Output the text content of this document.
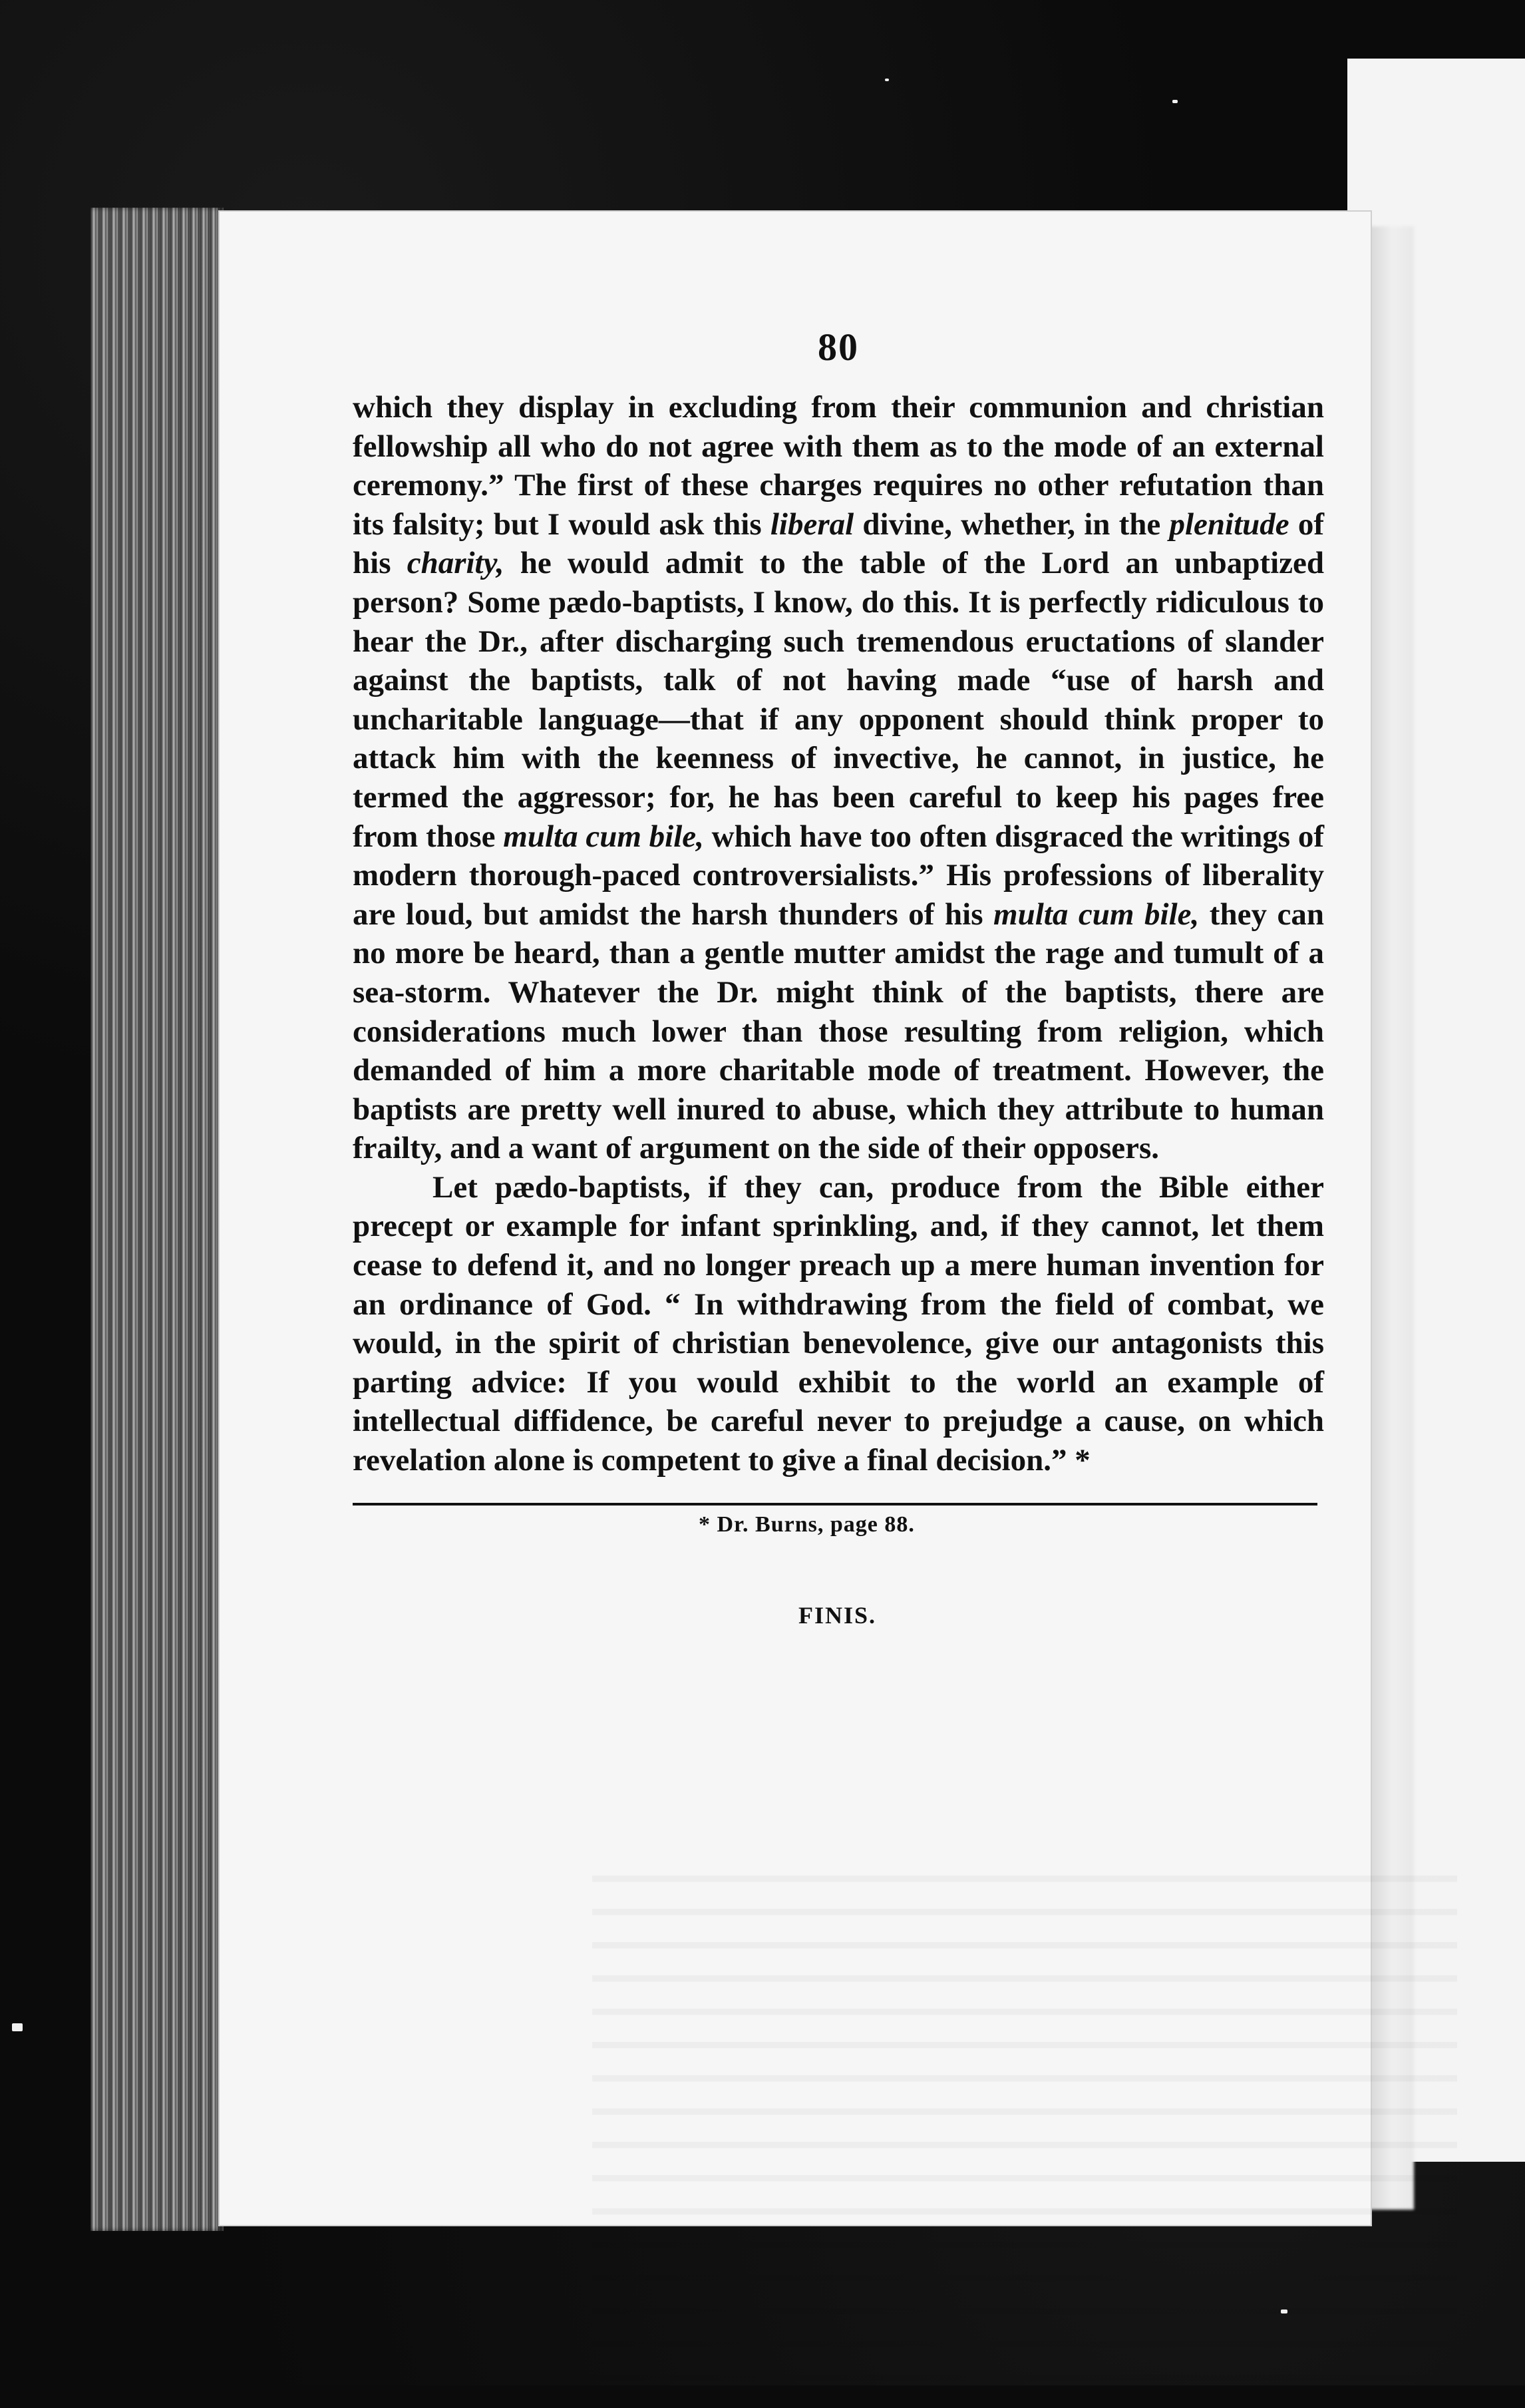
80

which they display in excluding from their communion and christian fellowship all who do not agree with them as to the mode of an external ceremony.” The first of these charges requires no other refutation than its falsity; but I would ask this liberal divine, whether, in the plenitude of his charity, he would admit to the table of the Lord an unbaptized person? Some pædo-baptists, I know, do this. It is perfectly ridiculous to hear the Dr., after discharging such tremendous eructations of slander against the baptists, talk of not having made “use of harsh and uncharitable language—that if any opponent should think proper to attack him with the keenness of invective, he cannot, in justice, he termed the aggressor; for, he has been careful to keep his pages free from those multa cum bile, which have too often disgraced the writings of modern thorough-paced controversialists.” His professions of liberality are loud, but amidst the harsh thunders of his multa cum bile, they can no more be heard, than a gentle mutter amidst the rage and tumult of a sea-storm. Whatever the Dr. might think of the baptists, there are considerations much lower than those resulting from religion, which demanded of him a more charitable mode of treatment. However, the baptists are pretty well inured to abuse, which they attribute to human frailty, and a want of argument on the side of their opposers.

Let pædo-baptists, if they can, produce from the Bible either precept or example for infant sprinkling, and, if they cannot, let them cease to defend it, and no longer preach up a mere human invention for an ordinance of God. “ In withdrawing from the field of combat, we would, in the spirit of christian benevolence, give our antagonists this parting advice: If you would exhibit to the world an example of intellectual diffidence, be careful never to prejudge a cause, on which revelation alone is competent to give a final decision.” *

* Dr. Burns, page 88.
FINIS.
